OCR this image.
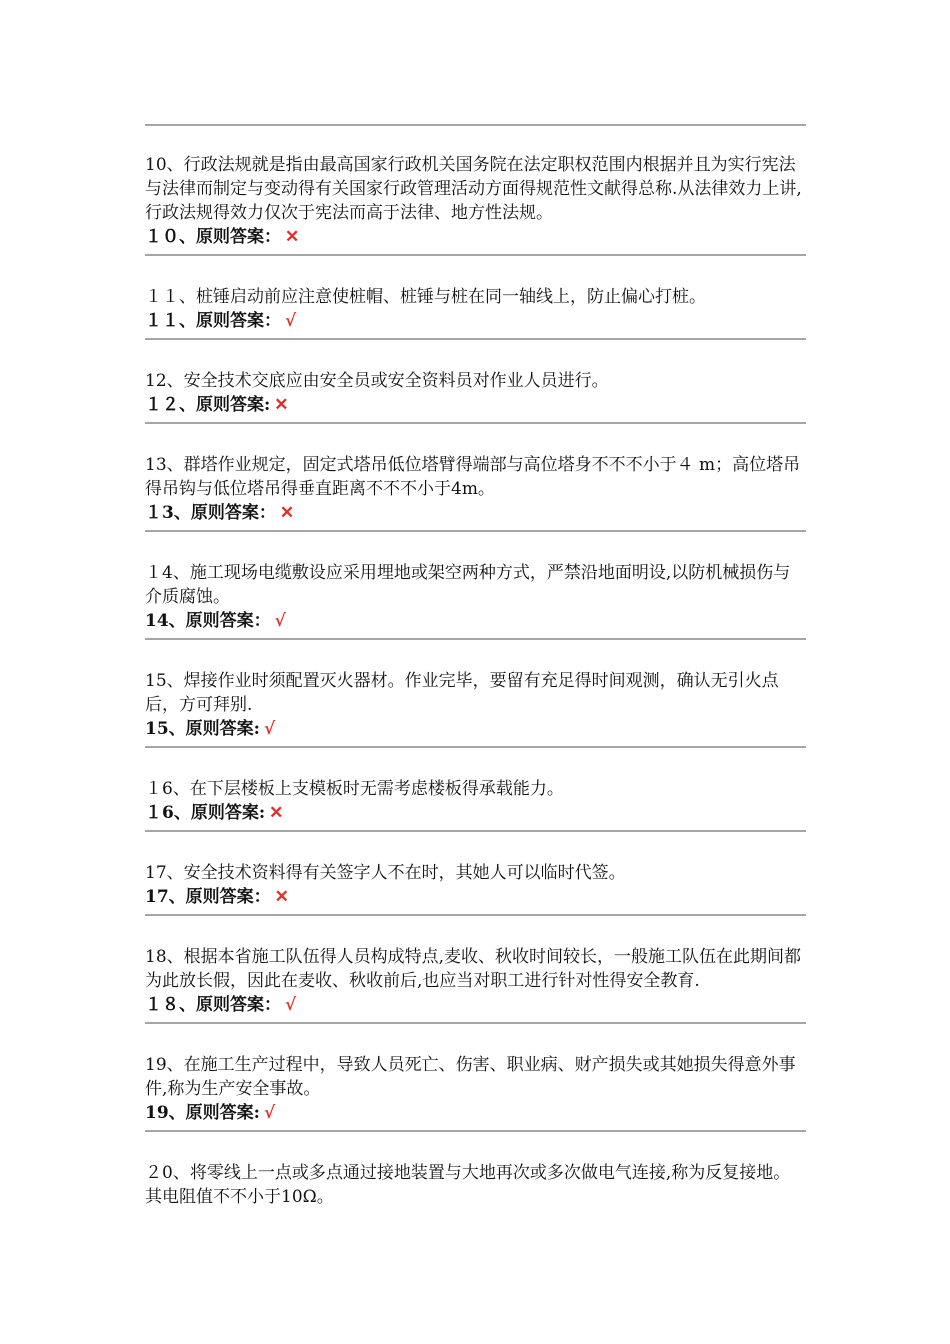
10、行政法规就是指由最高国家行政机关国务院在法定职权范围内根据并且为实行宪法与法律而制定与变动得有关国家行政管理活动方面得规范性文献得总称.从法律效力上讲,行政法规得效力仅次于宪法而高于法律、地方性法规。

１０、原则答案： ✕

１１、桩锤启动前应注意使桩帽、桩锤与桩在同一轴线上，防止偏心打桩。

１１、原则答案： √

12、安全技术交底应由安全员或安全资料员对作业人员进行。

１２、原则答案: ✕

13、群塔作业规定，固定式塔吊低位塔臂得端部与高位塔身不不不小于４ m；高位塔吊得吊钩与低位塔吊得垂直距离不不不小于4m。

１3、原则答案： ✕

１4、施工现场电缆敷设应采用埋地或架空两种方式，严禁沿地面明设,以防机械损伤与介质腐蚀。

14、原则答案： √

15、焊接作业时须配置灭火器材。作业完毕，要留有充足得时间观测，确认无引火点后，方可拜别.

15、原则答案: √

１6、在下层楼板上支模板时无需考虑楼板得承载能力。

１6、原则答案: ✕

17、安全技术资料得有关签字人不在时，其她人可以临时代签。

17、原则答案： ✕

18、根据本省施工队伍得人员构成特点,麦收、秋收时间较长，一般施工队伍在此期间都为此放长假，因此在麦收、秋收前后,也应当对职工进行针对性得安全教育.

１８、原则答案： √

19、在施工生产过程中，导致人员死亡、伤害、职业病、财产损失或其她损失得意外事件,称为生产安全事故。

19、原则答案: √

２0、将零线上一点或多点通过接地装置与大地再次或多次做电气连接,称为反复接地。其电阻值不不小于10Ω。
